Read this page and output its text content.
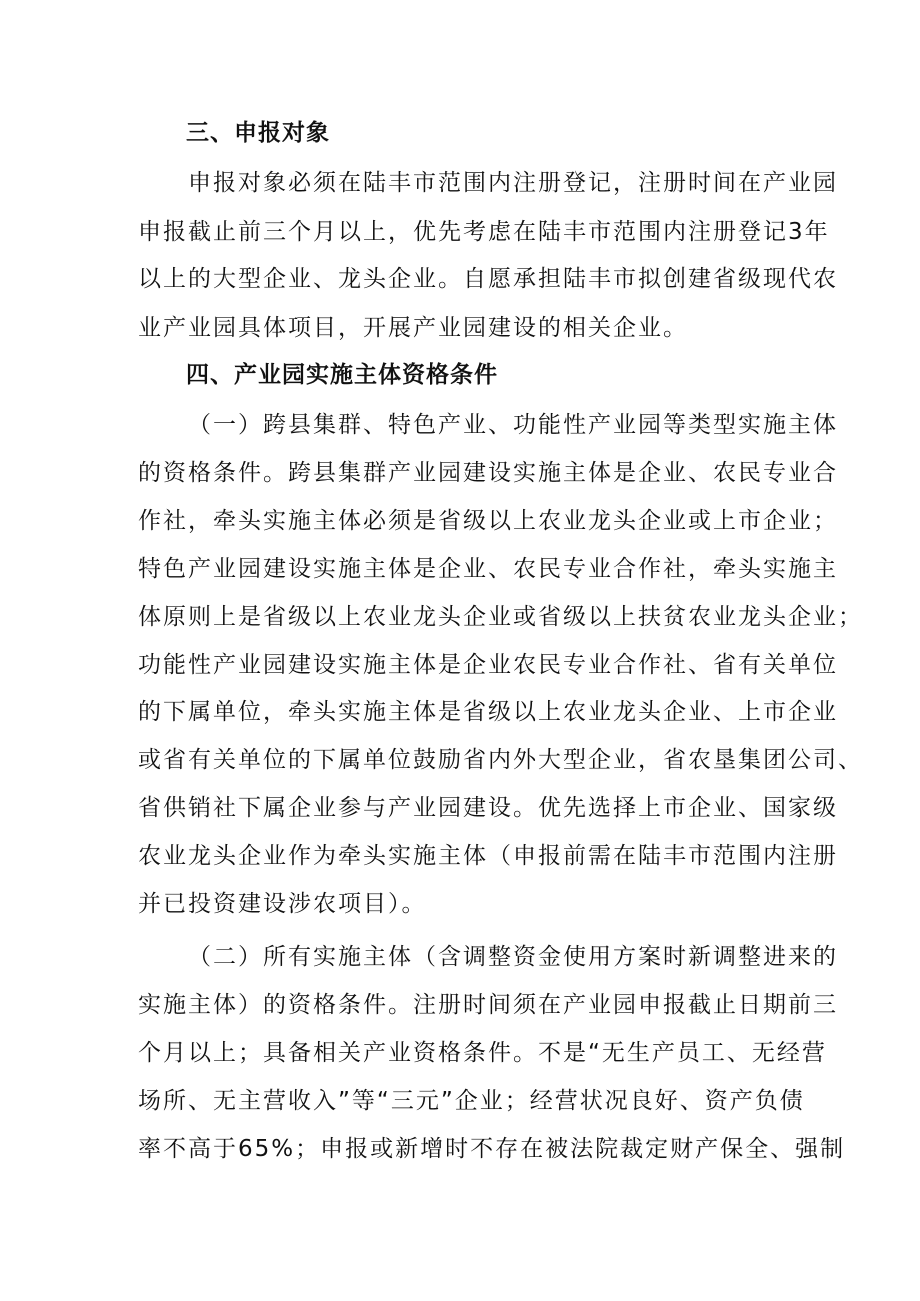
三、申报对象
申报对象必须在陆丰市范围内注册登记，注册时间在产业园
申报截止前三个月以上，优先考虑在陆丰市范围内注册登记3年
以上的大型企业、龙头企业。自愿承担陆丰市拟创建省级现代农
业产业园具体项目，开展产业园建设的相关企业。
四、产业园实施主体资格条件
（一）跨县集群、特色产业、功能性产业园等类型实施主体
的资格条件。跨县集群产业园建设实施主体是企业、农民专业合
作社，牵头实施主体必须是省级以上农业龙头企业或上市企业；
特色产业园建设实施主体是企业、农民专业合作社，牵头实施主
体原则上是省级以上农业龙头企业或省级以上扶贫农业龙头企业；
功能性产业园建设实施主体是企业农民专业合作社、省有关单位
的下属单位，牵头实施主体是省级以上农业龙头企业、上市企业
或省有关单位的下属单位鼓励省内外大型企业，省农垦集团公司、
省供销社下属企业参与产业园建设。优先选择上市企业、国家级
农业龙头企业作为牵头实施主体（申报前需在陆丰市范围内注册
并已投资建设涉农项目）。
（二）所有实施主体（含调整资金使用方案时新调整进来的
实施主体）的资格条件。注册时间须在产业园申报截止日期前三
个月以上；具备相关产业资格条件。不是“无生产员工、无经营
场所、无主营收入”等“三元”企业；经营状况良好、资产负债
率不高于65%；申报或新增时不存在被法院裁定财产保全、强制
